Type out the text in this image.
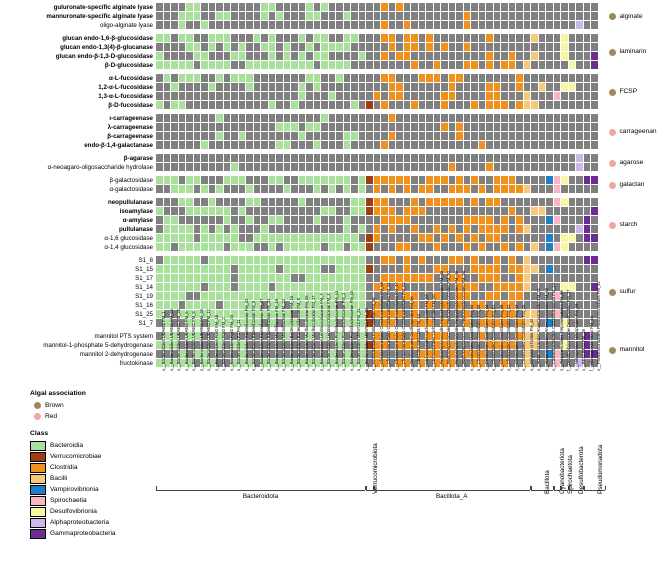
guluronate-specific alginate lyase
mannuronate-specific alginate lyase
oligo-alginate lyase
glucan endo-1,6-β-glucosidase
glucan endo-1,3(4)-β-glucanase
glucan endo-β-1,3-D-glucosidase
β-D-glucosidase
α-L-fucosidase
1,2-α-L-fucosidase
1,3-α-L-fucosidase
β-D-fucosidase
ι-carrageenase
λ-carrageenase
β-carrageenase
endo-β-1,4-galactanase
β-agarase
α-neoagaro-oligosaccharide hydrolase
β-galactosidase
α-galactosidase
neopullulanase
isoamylase
α-amylase
pullulanase
α-1,6 glucosidase
α-1,4 glucosidase
S1_8
S1_15
S1_17
S1_14
S1_19
S1_16
S1_25
S1_7
mannitol PTS system
mannitol-1-phosphate 5-dehydrogenase
mannitol 2-dehydrogenase
fructokinase
alginate
laminarin
FCSP
carrageenan
agarose
galactan
starch
sulfur
mannitol
o__Bacteroidales UBA955 FM_1 o__Bacteroidales UBA932 FM_33 o__Bacteroidales UBA932 FM_26 o__Bacteroidales UBA932 FM_5 o__Bacteroidales UBA932 FM_8 o__Bacteroidales UBA932 FM_30 o__Bacteroidales UBA932 FM_12 o__Bacteroidales F082 FM_18 o__Bacteroidales F082 FM_2 o__Bacteroidales F082 FM_20 o__Bacteroidales P3 FM_11 o__Bacteroidales Rikenellaceae FM_22 o__Bacteroidales Rikenellaceae FM_6 o__Bacteroidales Rikenellaceae FM_27 o__Bacteroidales Rikenellaceae FM_31 o__Bacteroidales Marinifilaceae FM_19 o__Bacteroidales Marinifilaceae FM_23 o__Bacteroidales Bacteroidaceae FM_15 o__Bacteroidales Bacteroidaceae FM_9 o__Bacteroidales Muribaculaceae FM_25 o__Bacteroidales Muribaculaceae FM_17 o__Bacteroidales Lentimicrobiaceae FM_7 o__Bacteroidales Lentimicrobiaceae FM_4 o__Bacteroidales Prolixibacteraceae FM_13 o__Bacteroidales Prolixibacteraceae FM_3 o__Bacteroidales Prolixibacteraceae FM_10 o__Bacteroidales MBNT15 FM_21 o__Bacteroidales MBNT15 FM_28 o__Kiritimatiellales Kiritimatiellae FM_36 o__Christensenellales Christensenellales FM_59 o__Christensenellales Christensenellales FM_51 o__Christensenellales Christensenellales FM_47 o__Christensenellales Christensenellales FM_62 o__Oscillospirales Oscillospirales FM_55 o__UBA1381 UBA1381 FM_54 o__Lachnospirales Lachnospirales FM_57 o__Lachnospirales Lachnospirales FM_60 o__Peptostreptococcales Peptostreptococcales FM_48 o__Peptostreptococcales Peptostreptococcales FM_52 o__Peptostreptococcales Peptostreptococcales FM_46 o__Peptostreptococcales Peptostreptococcales FM_56 o__Clostridiales Clostridiales FM_50 o__Clostridiales Clostridiales FM_58 o__Clostridiales Clostridiales FM_44 o__Clostridiales Clostridiales FM_61 o__Clostridiales Clostridiales FM_49 o__Clostridiales Clostridiales FM_53 o__Clostridiales Clostridiales FM_43 o__Clostridiales Clostridiales FM_45 o__DTU065 DTU065 FM_42 o__Anaerovoracales Anaerovoracales FM_41 o__Anaerovoracales Anaerovoracales FM_40 o__Caldatribacteriales Caldatribacteriota FM_14 o__Treponematales Treponematales FM_38 f__Desulfovibrionaceae Desulfovibrio FM_37 o__Nitrospirales Nitrospirales FM_39 o__RF32 RF32 FM_35 f__Vibrionaceae Vibrio FM_34 o__Pseudomonadales Pseudomonadales FM_32
Bacteroidota
Verrucomicrobiota
Bacillota_A
Bacillota Cyanobacteriota Spirochaetota Desulfobacterota Pseudomonadota
Algal association
Brown
Red
Class
Bacteroidia
Verrucomicrobiae
Clostridia
Bacilli
Vampirovibrionia
Spirochaetia
Desulfovibrionia
Alphaproteobacteria
Gammaproteobacteria
